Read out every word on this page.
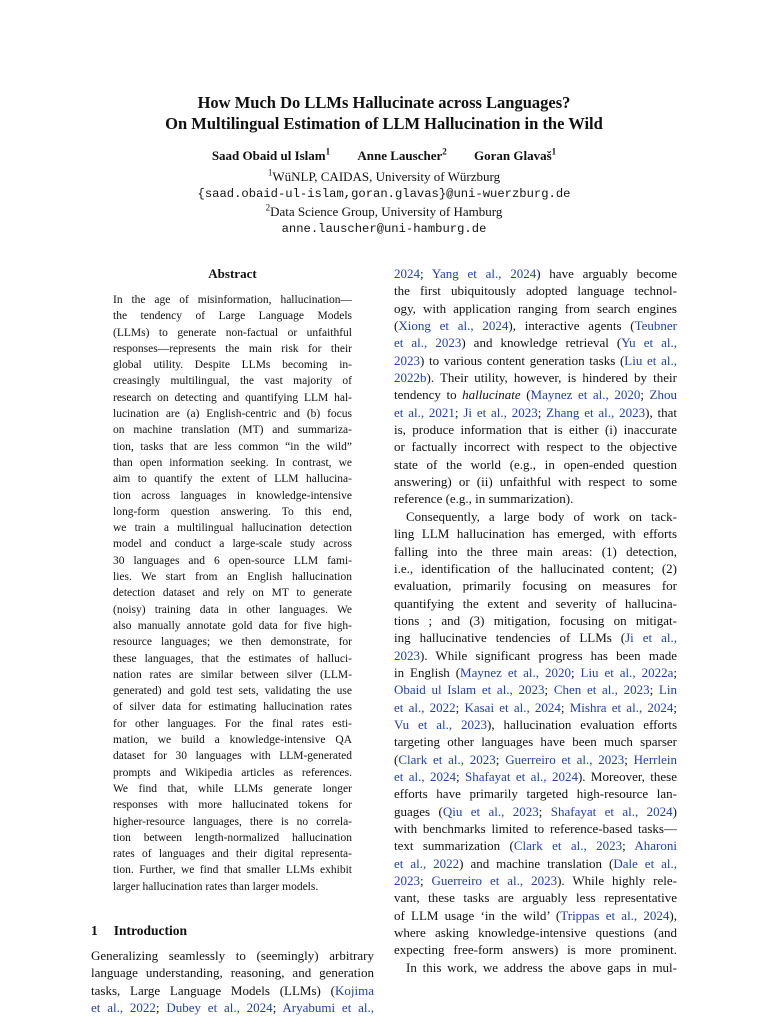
How Much Do LLMs Hallucinate across Languages?
On Multilingual Estimation of LLM Hallucination in the Wild
Saad Obaid ul Islam$^1$ Anne Lauscher$^2$ Goran Glavaš$^1$
$^1$WüNLP, CAIDAS, University of Würzburg
{saad.obaid-ul-islam,goran.glavas}@uni-wuerzburg.de
$^2$Data Science Group, University of Hamburg
anne.lauscher@uni-hamburg.de
Abstract
In the age of misinformation, hallucination—
the tendency of Large Language Models
(LLMs) to generate non-factual or unfaithful
responses—represents the main risk for their
global utility. Despite LLMs becoming in-
creasingly multilingual, the vast majority of
research on detecting and quantifying LLM hal-
lucination are (a) English-centric and (b) focus
on machine translation (MT) and summariza-
tion, tasks that are less common “in the wild”
than open information seeking. In contrast, we
aim to quantify the extent of LLM hallucina-
tion across languages in knowledge-intensive
long-form question answering. To this end,
we train a multilingual hallucination detection
model and conduct a large-scale study across
30 languages and 6 open-source LLM fami-
lies. We start from an English hallucination
detection dataset and rely on MT to generate
(noisy) training data in other languages. We
also manually annotate gold data for five high-
resource languages; we then demonstrate, for
these languages, that the estimates of halluci-
nation rates are similar between silver (LLM-
generated) and gold test sets, validating the use
of silver data for estimating hallucination rates
for other languages. For the final rates esti-
mation, we build a knowledge-intensive QA
dataset for 30 languages with LLM-generated
prompts and Wikipedia articles as references.
We find that, while LLMs generate longer
responses with more hallucinated tokens for
higher-resource languages, there is no correla-
tion between length-normalized hallucination
rates of languages and their digital representa-
tion. Further, we find that smaller LLMs exhibit
larger hallucination rates than larger models.
1 Introduction
Generalizing seamlessly to (seemingly) arbitrary
language understanding, reasoning, and generation
tasks, Large Language Models (LLMs) (Kojima
et al., 2022; Dubey et al., 2024; Aryabumi et al.,
2024; Yang et al., 2024) have arguably become
the first ubiquitously adopted language technol-
ogy, with application ranging from search engines
(Xiong et al., 2024), interactive agents (Teubner
et al., 2023) and knowledge retrieval (Yu et al.,
2023) to various content generation tasks (Liu et al.,
2022b). Their utility, however, is hindered by their
tendency to hallucinate (Maynez et al., 2020; Zhou
et al., 2021; Ji et al., 2023; Zhang et al., 2023), that
is, produce information that is either (i) inaccurate
or factually incorrect with respect to the objective
state of the world (e.g., in open-ended question
answering) or (ii) unfaithful with respect to some
reference (e.g., in summarization).
Consequently, a large body of work on tack-
ling LLM hallucination has emerged, with efforts
falling into the three main areas: (1) detection,
i.e., identification of the hallucinated content; (2)
evaluation, primarily focusing on measures for
quantifying the extent and severity of hallucina-
tions ; and (3) mitigation, focusing on mitigat-
ing hallucinative tendencies of LLMs (Ji et al.,
2023). While significant progress has been made
in English (Maynez et al., 2020; Liu et al., 2022a;
Obaid ul Islam et al., 2023; Chen et al., 2023; Lin
et al., 2022; Kasai et al., 2024; Mishra et al., 2024;
Vu et al., 2023), hallucination evaluation efforts
targeting other languages have been much sparser
(Clark et al., 2023; Guerreiro et al., 2023; Herrlein
et al., 2024; Shafayat et al., 2024). Moreover, these
efforts have primarily targeted high-resource lan-
guages (Qiu et al., 2023; Shafayat et al., 2024)
with benchmarks limited to reference-based tasks—
text summarization (Clark et al., 2023; Aharoni
et al., 2022) and machine translation (Dale et al.,
2023; Guerreiro et al., 2023). While highly rele-
vant, these tasks are arguably less representative
of LLM usage ‘in the wild’ (Trippas et al., 2024),
where asking knowledge-intensive questions (and
expecting free-form answers) is more prominent.
In this work, we address the above gaps in mul-
